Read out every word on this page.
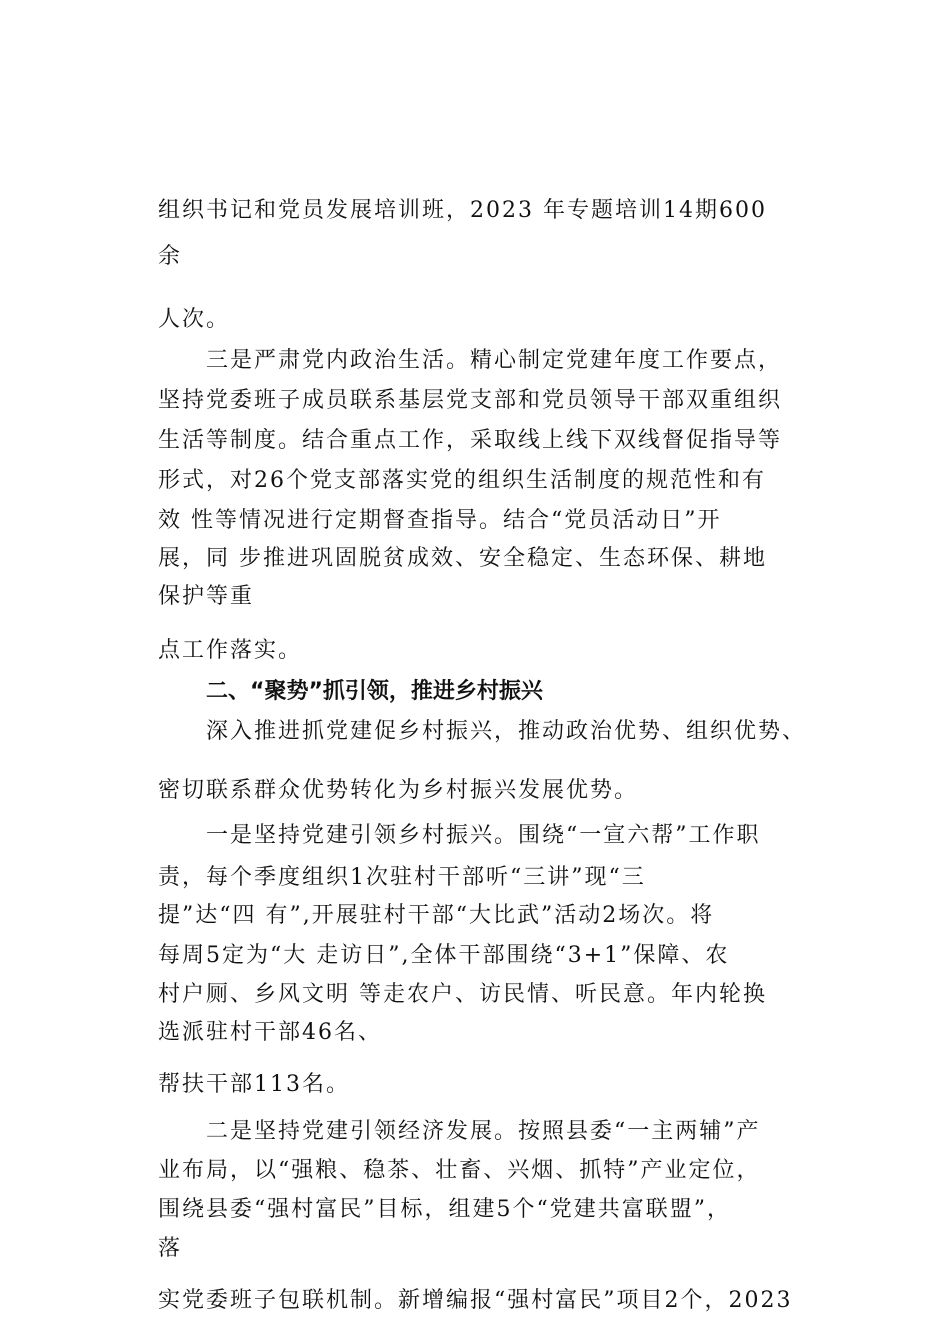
组织书记和党员发展培训班，2023 年专题培训14期600
余
人次。
三是严肃党内政治生活。精心制定党建年度工作要点，
坚持党委班子成员联系基层党支部和党员领导干部双重组织
生活等制度。结合重点工作，采取线上线下双线督促指导等
形式，对26个党支部落实党的组织生活制度的规范性和有
效 性等情况进行定期督查指导。结合“党员活动日”开
展，同 步推进巩固脱贫成效、安全稳定、生态环保、耕地
保护等重
点工作落实。
二、“聚势”抓引领，推进乡村振兴
深入推进抓党建促乡村振兴，推动政治优势、组织优势、
密切联系群众优势转化为乡村振兴发展优势。
一是坚持党建引领乡村振兴。围绕“一宣六帮”工作职
责，每个季度组织1次驻村干部听“三讲”现“三
提”达“四 有”,开展驻村干部“大比武”活动2场次。将
每周5定为“大 走访日”,全体干部围绕“3+1”保障、农
村户厕、乡风文明 等走农户、访民情、听民意。年内轮换
选派驻村干部46名、
帮扶干部113名。
二是坚持党建引领经济发展。按照县委“一主两辅”产
业布局，以“强粮、稳茶、壮畜、兴烟、抓特”产业定位，
围绕县委“强村富民”目标，组建5个“党建共富联盟”，
落
实党委班子包联机制。新增编报“强村富民”项目2个，2023
